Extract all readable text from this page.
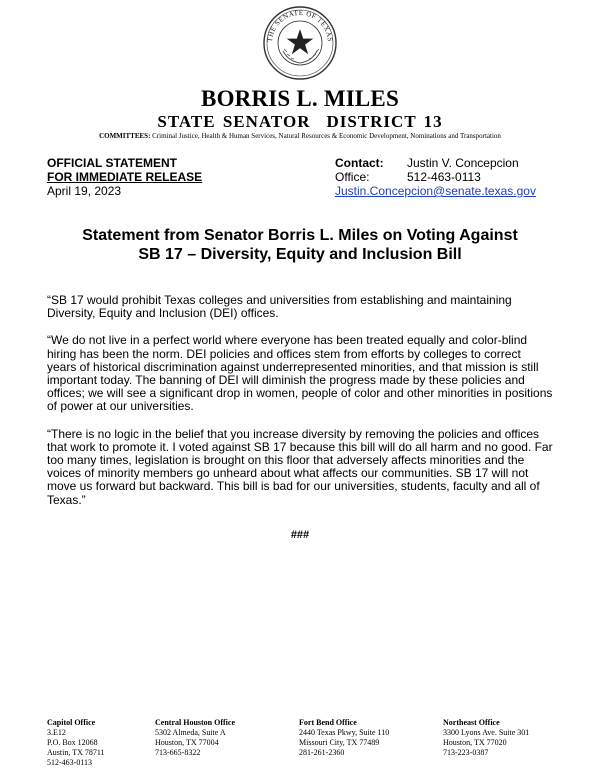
THE SENATE OF TEXAS
BORRIS L. MILES
STATE SENATOR DISTRICT 13
COMMITTEES: Criminal Justice, Health & Human Services, Natural Resources & Economic Development, Nominations and Transportation
OFFICIAL STATEMENT
FOR IMMEDIATE RELEASE
April 19, 2023
Contact: Justin V. Concepcion
Office:	512-463-0113
Justin.Concepcion@senate.texas.gov
Statement from Senator Borris L. Miles on Voting Against
SB 17 – Diversity, Equity and Inclusion Bill

“SB 17 would prohibit Texas colleges and universities from establishing and maintaining Diversity, Equity and Inclusion (DEI) offices.

“We do not live in a perfect world where everyone has been treated equally and color-blind hiring has been the norm. DEI policies and offices stem from efforts by colleges to correct years of historical discrimination against underrepresented minorities, and that mission is still important today. The banning of DEI will diminish the progress made by these policies and offices; we will see a significant drop in women, people of color and other minorities in positions of power at our universities.

“There is no logic in the belief that you increase diversity by removing the policies and offices that work to promote it. I voted against SB 17 because this bill will do all harm and no good. Far too many times, legislation is brought on this floor that adversely affects minorities and the voices of minority members go unheard about what affects our communities. SB 17 will not move us forward but backward. This bill is bad for our universities, students, faculty and all of Texas.”

###
Capitol Office
3.E12
P.O. Box 12068
Austin, TX 78711
512-463-0113
Central Houston Office
5302 Almeda, Suite A
Houston, TX 77004
713-665-8322
Fort Bend Office
2440 Texas Pkwy, Suite 110
Missouri City, TX 77489
281-261-2360
Northeast Office
3300 Lyons Ave. Suite 301
Houston, TX 77020
713-223-0387
